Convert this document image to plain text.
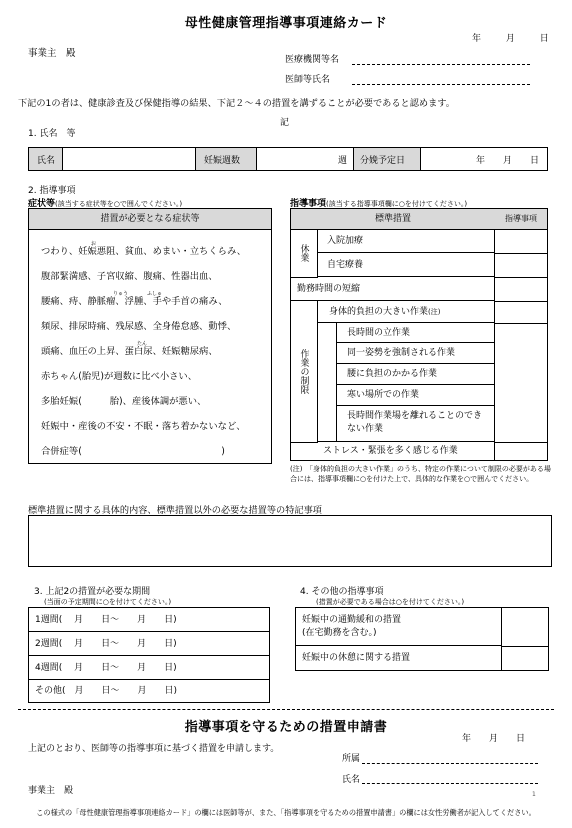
母性健康管理指導事項連絡カード
年	月	日
事業主　殿
医療機関等名
医師等氏名
下記の1の者は、健康診査及び保健指導の結果、下記２～４の措置を講ずることが必要であると認めます。
記
1. 氏名　等
氏名	妊娠週数	週	分娩予定日	年　　月　　日
2. 指導事項
症状等(該当する症状等を○で囲んでください。)
措置が必要となる症状等
つわり、妊娠悪阻、貧血、めまい・立ちくらみ、
腹部緊満感、子宮収縮、腹痛、性器出血、
腰痛、痔、静脈瘤、浮腫、手や手首の痛み、
頻尿、排尿時痛、残尿感、全身倦怠感、動悸、
頭痛、血圧の上昇、蛋白尿、妊娠糖尿病、
赤ちゃん(胎児)が週数に比べ小さい、
多胎妊娠(　　　胎)、産後体調が悪い、
妊娠中・産後の不安・不眠・落ち着かないなど、
合併症等(　　　　　　　　　　　　　　　)
お
りゅう	ふしゅ
たん
指導事項(該当する指導事項欄に○を付けてください。)
標準措置	指導事項
休業
入院加療
自宅療養
勤務時間の短縮
作業の制限
身体的負担の大きい作業(注)
長時間の立作業
同一姿勢を強制される作業
腰に負担のかかる作業
寒い場所での作業
長時間作業場を離れることのできない作業
ストレス・緊張を多く感じる作業
(注)　「身体的負担の大きい作業」のうち、特定の作業について制限の必要がある場合には、指導事項欄に○を付けた上で、具体的な作業を○で囲んでください。
標準措置に関する具体的内容、標準措置以外の必要な措置等の特記事項
3. 上記2の措置が必要な期間
(当面の予定期間に○を付けてください。)
1週間(　 月　　日～　　月　　日)
2週間(　 月　　日～　　月　　日)
4週間(　 月　　日～　　月　　日)
その他(　 月　　日～　　月　　日)
4. その他の指導事項
(措置が必要である場合は○を付けてください。)
妊娠中の通勤緩和の措置
(在宅勤務を含む。)
妊娠中の休憩に関する措置
指導事項を守るための措置申請書
年　　月　　日
上記のとおり、医師等の指導事項に基づく措置を申請します。
所属
氏名
事業主　殿	1
この様式の「母性健康管理指導事項連絡カード」の欄には医師等が、また、「指導事項を守るための措置申請書」の欄には女性労働者が記入してください。
